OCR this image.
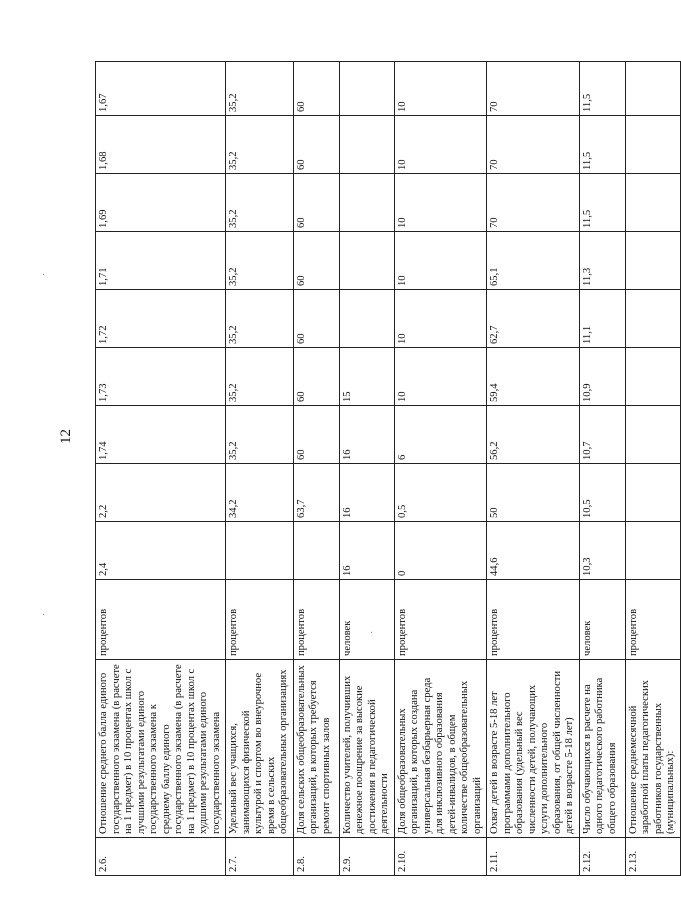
12
·
·
·
2.6.	Отношение среднего балла единого государственного экзамена (в расчете на 1 предмет) в 10 процентах школ с лучшими результатами единого государственного экзамена к среднему баллу единого государственного экзамена (в расчете на 1 предмет) в 10 процентах школ с худшими результатами единого государственного экзамена	процентов	2,4	2,2	1,74	1,73	1,72	1,71	1,69	1,68	1,67
2.7.	Удельный вес учащихся, занимающихся физической культурой и спортом во внеурочное время в сельских общеобразовательных организациях	процентов		34,2	35,2	35,2	35,2	35,2	35,2	35,2	35,2
2.8.	Доля сельских общеобразовательных организаций, в которых требуется ремонт спортивных залов	процентов		63,7	60	60	60	60	60	60	60
2.9.	Количество учителей, получивших денежное поощрение за высокие достижения в педагогической деятельности	человек	16	16	16	15					
2.10.	Доля общеобразовательных организаций, в которых создана универсальная безбарьерная среда для инклюзивного образования детей-инвалидов, в общем количестве общеобразовательных организаций	процентов	0	0,5	6	10	10	10	10	10	10
2.11.	Охват детей в возрасте 5-18 лет программами дополнительного образования (удельный вес численности детей, получающих услуги дополнительного образования, от общей численности детей в возрасте 5-18 лет)	процентов	44,6	50	56,2	59,4	62,7	65,1	70	70	70
2.12.	Число обучающихся в расчете на одного педагогического работника общего образования	человек	10,3	10,5	10,7	10,9	11,1	11,3	11,5	11,5	11,5
2.13.	Отношение среднемесячной заработной платы педагогических работников государственных (муниципальных):	процентов									
